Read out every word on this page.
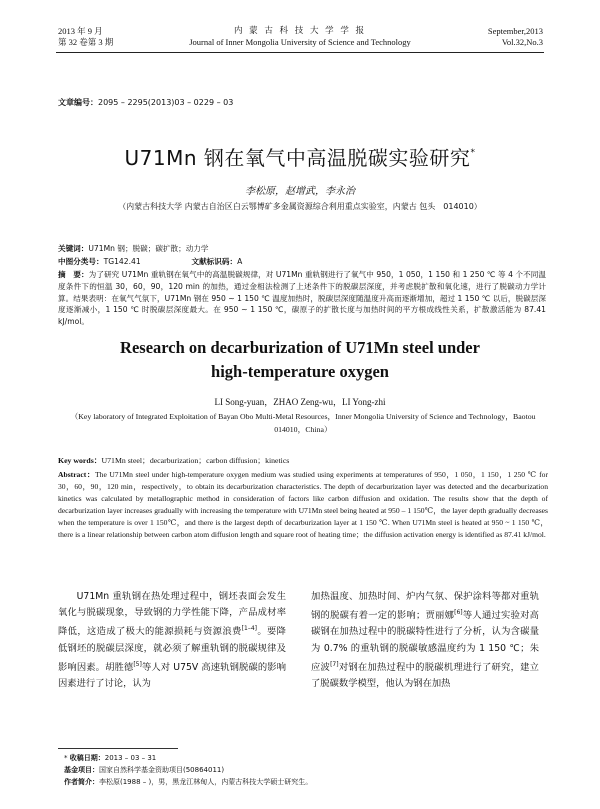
2013 年 9 月
第 32 卷第 3 期
内 蒙 古 科 技 大 学 学 报
Journal of Inner Mongolia University of Science and Technology
September,2013
Vol.32,No.3
文章编号：2095 – 2295(2013)03 – 0229 – 03
U71Mn 钢在氧气中高温脱碳实验研究*
李松原，赵增武，李永治
（内蒙古科技大学 内蒙古自治区白云鄂博矿多金属资源综合利用重点实验室，内蒙古 包头　014010）
关键词：U71Mn 钢；脱碳；碳扩散；动力学
中图分类号：TG142.41	文献标识码：A
摘　要：为了研究 U71Mn 重轨钢在氧气中的高温脱碳规律，对 U71Mn 重轨钢进行了氧气中 950，1 050，1 150 和 1 250 ℃ 等 4 个不同温度条件下的恒温 30，60，90，120 min 的加热，通过金相法检测了上述条件下的脱碳层深度，并考虑脱扩散和氧化速，进行了脱碳动力学计算。结果表明：在氧气气氛下，U71Mn 钢在 950 ~ 1 150 ℃ 温度加热时，脱碳层深度随温度升高而逐渐增加，超过 1 150 ℃ 以后，脱碳层深度逐渐减小，1 150 ℃ 时脱碳层深度最大。在 950 ~ 1 150 ℃，碳原子的扩散长度与加热时间的平方根成线性关系，扩散激活能为 87.41 kJ/mol。
Research on decarburization of U71Mn steel under
high-temperature oxygen
LI Song-yuan，ZHAO Zeng-wu，LI Yong-zhi
（Key laboratory of Integrated Exploitation of Bayan Obo Multi-Metal Resources，Inner Mongolia University of Science and Technology，Baotou 014010，China）
Key words：U71Mn steel；decarburization；carbon diffusion；kinetics
Abstract：The U71Mn steel under high-temperature oxygen medium was studied using experiments at temperatures of 950，1 050，1 150，1 250 ℃ for 30，60，90，120 min，respectively，to obtain its decarburization characteristics. The depth of decarburization layer was detected and the decarburization kinetics was calculated by metallographic method in consideration of factors like carbon diffusion and oxidation. The results show that the depth of decarburization layer increases gradually with increasing the temperature with U71Mn steel being heated at 950 – 1 150℃，the layer depth gradually decreases when the temperature is over 1 150℃，and there is the largest depth of decarburization layer at 1 150 ℃. When U71Mn steel is heated at 950 ~ 1 150 ℃，there is a linear relationship between carbon atom diffusion length and square root of heating time；the diffusion activation energy is identified as 87.41 kJ/mol.
U71Mn 重轨钢在热处理过程中，钢坯表面会发生氧化与脱碳现象，导致钢的力学性能下降，产品成材率降低，这造成了极大的能源损耗与资源浪费[1–4]。要降低钢坯的脱碳层深度，就必须了解重轨钢的脱碳规律及影响因素。胡胜德[5]等人对 U75V 高速轨钢脱碳的影响因素进行了讨论，认为
加热温度、加热时间、炉内气氛、保护涂料等都对重轨钢的脱碳有着一定的影响；贾丽娜[6]等人通过实验对高碳钢在加热过程中的脱碳特性进行了分析，认为含碳量为 0.7% 的重轨钢的脱碳敏感温度约为 1 150 ℃；朱应波[7]对钢在加热过程中的脱碳机理进行了研究，建立了脱碳数学模型，他认为钢在加热
* 收稿日期：2013 – 03 – 31
基金项目：国家自然科学基金资助项目(50864011)
作者简介：李松原(1988 – )，男，黑龙江林甸人，内蒙古科技大学硕士研究生。
